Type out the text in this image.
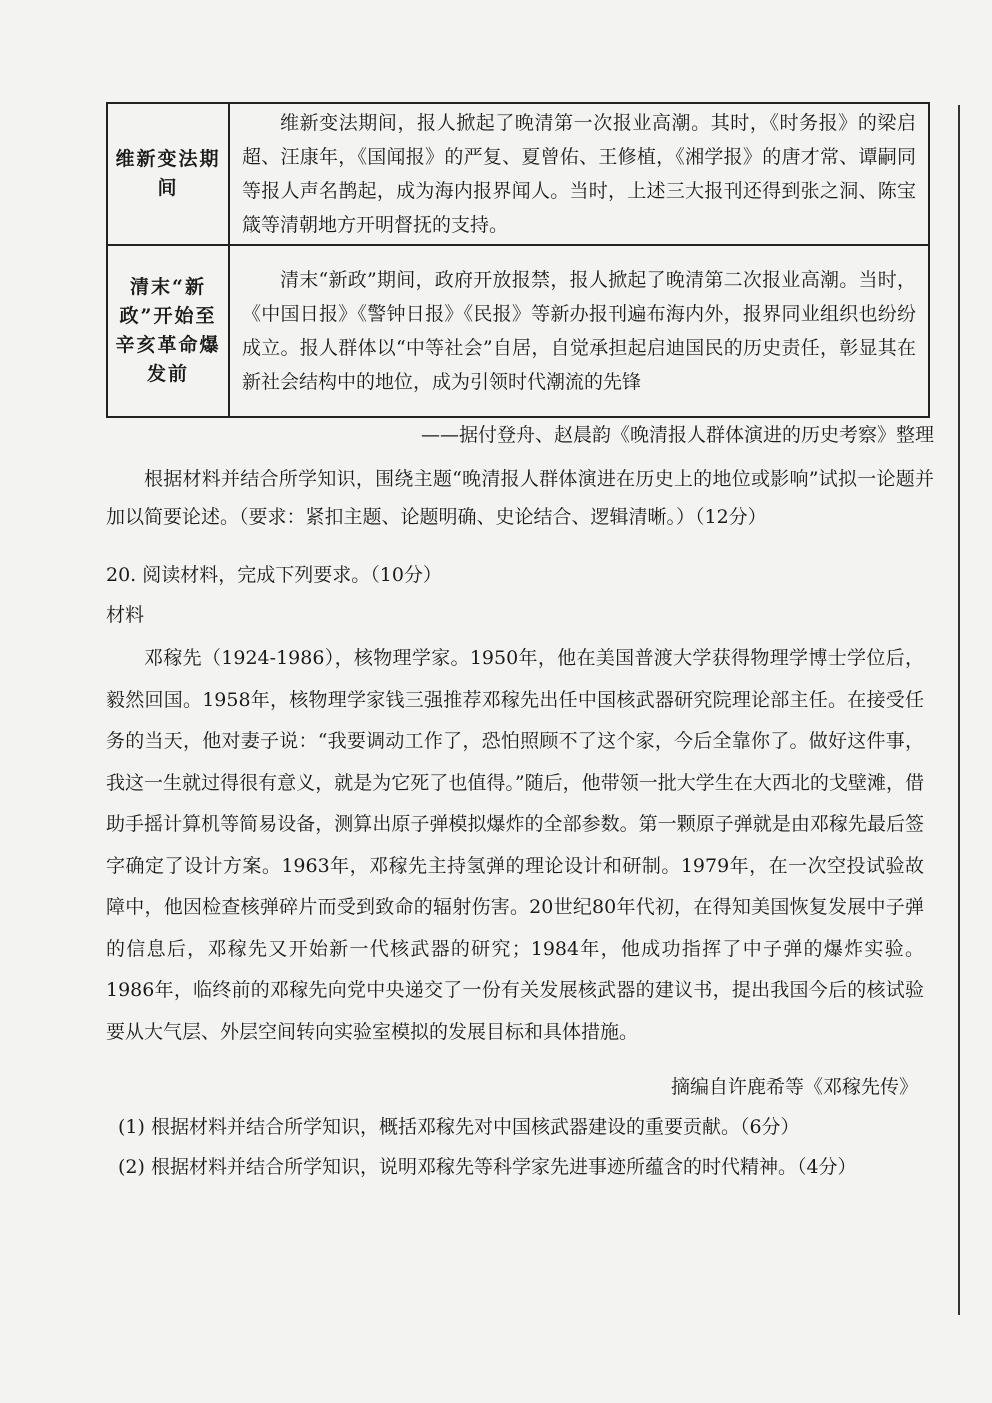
维新变法期间	维新变法期间，报人掀起了晚清第一次报业高潮。其时，《时务报》的梁启超、汪康年，《国闻报》的严复、夏曾佑、王修植，《湘学报》的唐才常、谭嗣同等报人声名鹊起，成为海内报界闻人。当时，上述三大报刊还得到张之洞、陈宝箴等清朝地方开明督抚的支持。

清末“新政”开始至辛亥革命爆发前	清末“新政”期间，政府开放报禁，报人掀起了晚清第二次报业高潮。当时，《中国日报》《警钟日报》《民报》等新办报刊遍布海内外，报界同业组织也纷纷成立。报人群体以“中等社会”自居，自觉承担起启迪国民的历史责任，彰显其在新社会结构中的地位，成为引领时代潮流的先锋
——据付登舟、赵晨韵《晚清报人群体演进的历史考察》整理
根据材料并结合所学知识，围绕主题“晚清报人群体演进在历史上的地位或影响”试拟一论题并加以简要论述。（要求：紧扣主题、论题明确、史论结合、逻辑清晰。）（12分）
20. 阅读材料，完成下列要求。（10分）
材料
邓稼先（1924-1986），核物理学家。1950年，他在美国普渡大学获得物理学博士学位后，毅然回国。1958年，核物理学家钱三强推荐邓稼先出任中国核武器研究院理论部主任。在接受任务的当天，他对妻子说：“我要调动工作了，恐怕照顾不了这个家，今后全靠你了。做好这件事，我这一生就过得很有意义，就是为它死了也值得。”随后，他带领一批大学生在大西北的戈壁滩，借助手摇计算机等简易设备，测算出原子弹模拟爆炸的全部参数。第一颗原子弹就是由邓稼先最后签字确定了设计方案。1963年，邓稼先主持氢弹的理论设计和研制。1979年，在一次空投试验故障中，他因检查核弹碎片而受到致命的辐射伤害。20世纪80年代初，在得知美国恢复发展中子弹的信息后，邓稼先又开始新一代核武器的研究；1984年，他成功指挥了中子弹的爆炸实验。1986年，临终前的邓稼先向党中央递交了一份有关发展核武器的建议书，提出我国今后的核试验要从大气层、外层空间转向实验室模拟的发展目标和具体措施。
摘编自许鹿希等《邓稼先传》
(1) 根据材料并结合所学知识，概括邓稼先对中国核武器建设的重要贡献。（6分）
(2) 根据材料并结合所学知识，说明邓稼先等科学家先进事迹所蕴含的时代精神。（4分）
